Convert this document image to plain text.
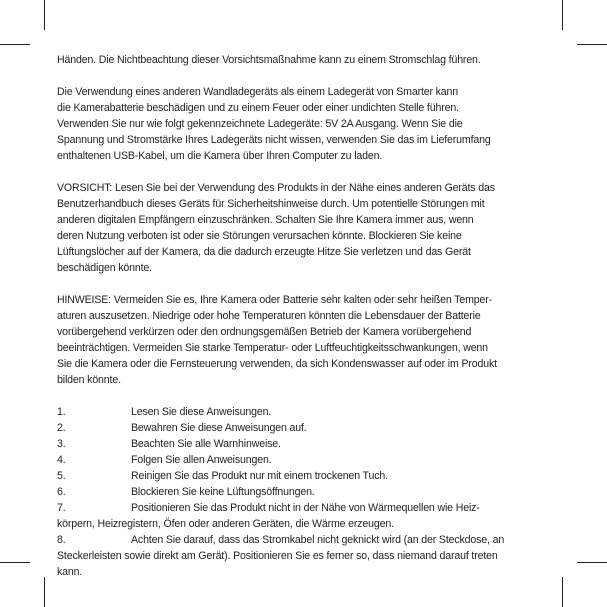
Händen. Die Nichtbeachtung dieser Vorsichtsmaßnahme kann zu einem Stromschlag führen.

Die Verwendung eines anderen Wandladegeräts als einem Ladegerät von Smarter kann
die Kamerabatterie beschädigen und zu einem Feuer oder einer undichten Stelle führen.
Verwenden Sie nur wie folgt gekennzeichnete Ladegeräte: 5V 2A Ausgang. Wenn Sie die
Spannung und Stromstärke Ihres Ladegeräts nicht wissen, verwenden Sie das im Lieferumfang
enthaltenen USB-Kabel, um die Kamera über Ihren Computer zu laden.

VORSICHT: Lesen Sie bei der Verwendung des Produkts in der Nähe eines anderen Geräts das
Benutzerhandbuch dieses Geräts für Sicherheitshinweise durch. Um potentielle Störungen mit
anderen digitalen Empfängern einzuschränken. Schalten Sie Ihre Kamera immer aus, wenn
deren Nutzung verboten ist oder sie Störungen verursachen könnte. Blockieren Sie keine
Lüftungslöcher auf der Kamera, da die dadurch erzeugte Hitze Sie verletzen und das Gerät
beschädigen könnte.

HINWEISE: Vermeiden Sie es, Ihre Kamera oder Batterie sehr kalten oder sehr heißen Temper-
aturen auszusetzen. Niedrige oder hohe Temperaturen könnten die Lebensdauer der Batterie
vorübergehend verkürzen oder den ordnungsgemäßen Betrieb der Kamera vorübergehend
beeinträchtigen. Vermeiden Sie starke Temperatur- oder Luftfeuchtigkeitsschwankungen, wenn
Sie die Kamera oder die Fernsteuerung verwenden, da sich Kondenswasser auf oder im Produkt
bilden könnte.

1.	Lesen Sie diese Anweisungen.
2.	Bewahren Sie diese Anweisungen auf.
3.	Beachten Sie alle Warnhinweise.
4.	Folgen Sie allen Anweisungen.
5.	Reinigen Sie das Produkt nur mit einem trockenen Tuch.
6.	Blockieren Sie keine Lüftungsöffnungen.
7.	Positionieren Sie das Produkt nicht in der Nähe von Wärmequellen wie Heiz-
körpern, Heizregistern, Öfen oder anderen Geräten, die Wärme erzeugen.
8.	Achten Sie darauf, dass das Stromkabel nicht geknickt wird (an der Steckdose, an
Steckerleisten sowie direkt am Gerät). Positionieren Sie es ferner so, dass niemand darauf treten
kann.
